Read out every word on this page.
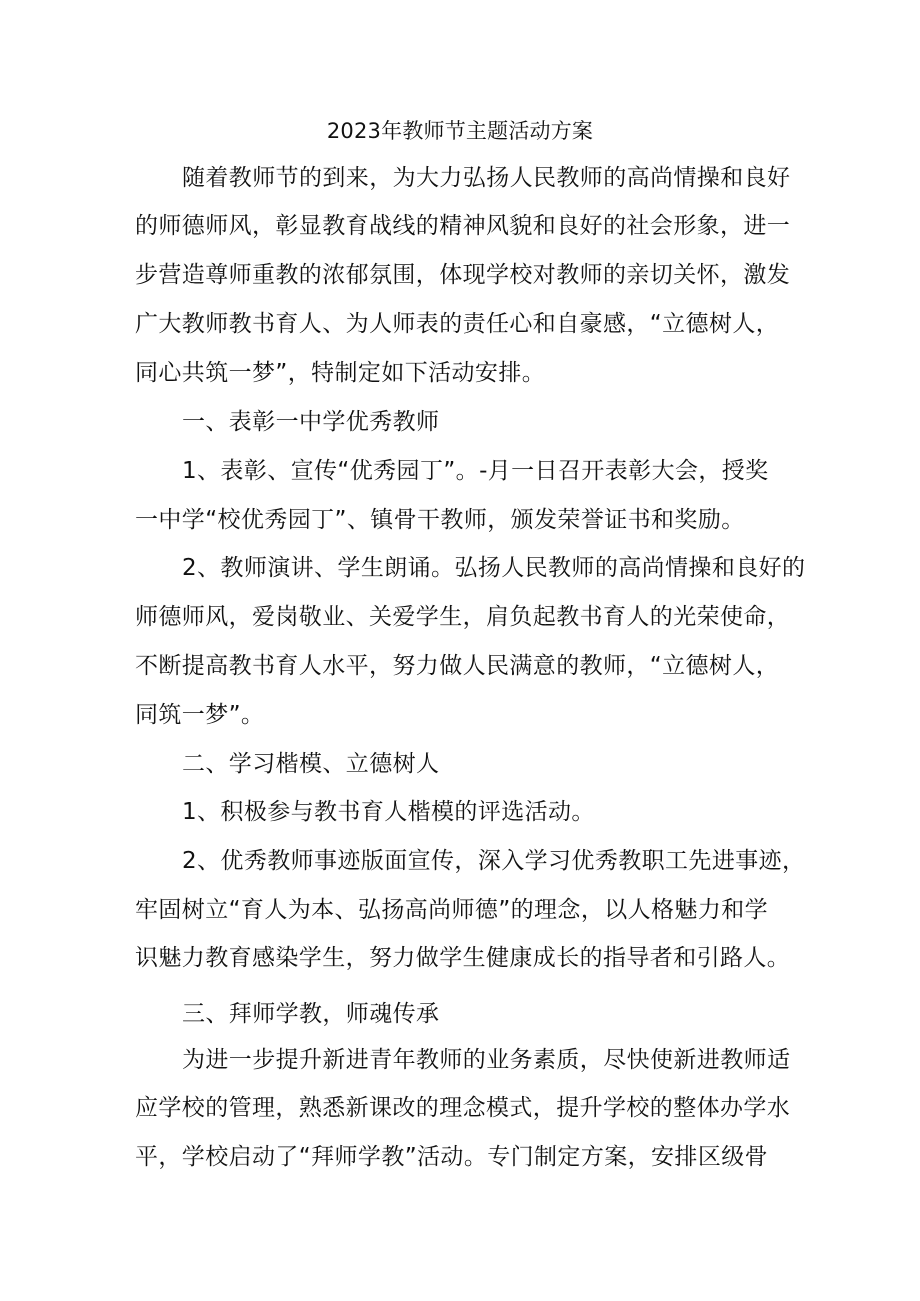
2023年教师节主题活动方案
随着教师节的到来，为大力弘扬人民教师的高尚情操和良好
的师德师风，彰显教育战线的精神风貌和良好的社会形象，进一
步营造尊师重教的浓郁氛围，体现学校对教师的亲切关怀，激发
广大教师教书育人、为人师表的责任心和自豪感，“立德树人，
同心共筑一梦”，特制定如下活动安排。
一、表彰一中学优秀教师
1、表彰、宣传“优秀园丁”。-月一日召开表彰大会，授奖
一中学“校优秀园丁”、镇骨干教师，颁发荣誉证书和奖励。
2、教师演讲、学生朗诵。弘扬人民教师的高尚情操和良好的
师德师风，爱岗敬业、关爱学生，肩负起教书育人的光荣使命，
不断提高教书育人水平，努力做人民满意的教师，“立德树人，
同筑一梦”。
二、学习楷模、立德树人
1、积极参与教书育人楷模的评选活动。
2、优秀教师事迹版面宣传，深入学习优秀教职工先进事迹，
牢固树立“育人为本、弘扬高尚师德”的理念，以人格魅力和学
识魅力教育感染学生，努力做学生健康成长的指导者和引路人。
三、拜师学教，师魂传承
为进一步提升新进青年教师的业务素质，尽快使新进教师适
应学校的管理，熟悉新课改的理念模式，提升学校的整体办学水
平，学校启动了“拜师学教”活动。专门制定方案，安排区级骨
